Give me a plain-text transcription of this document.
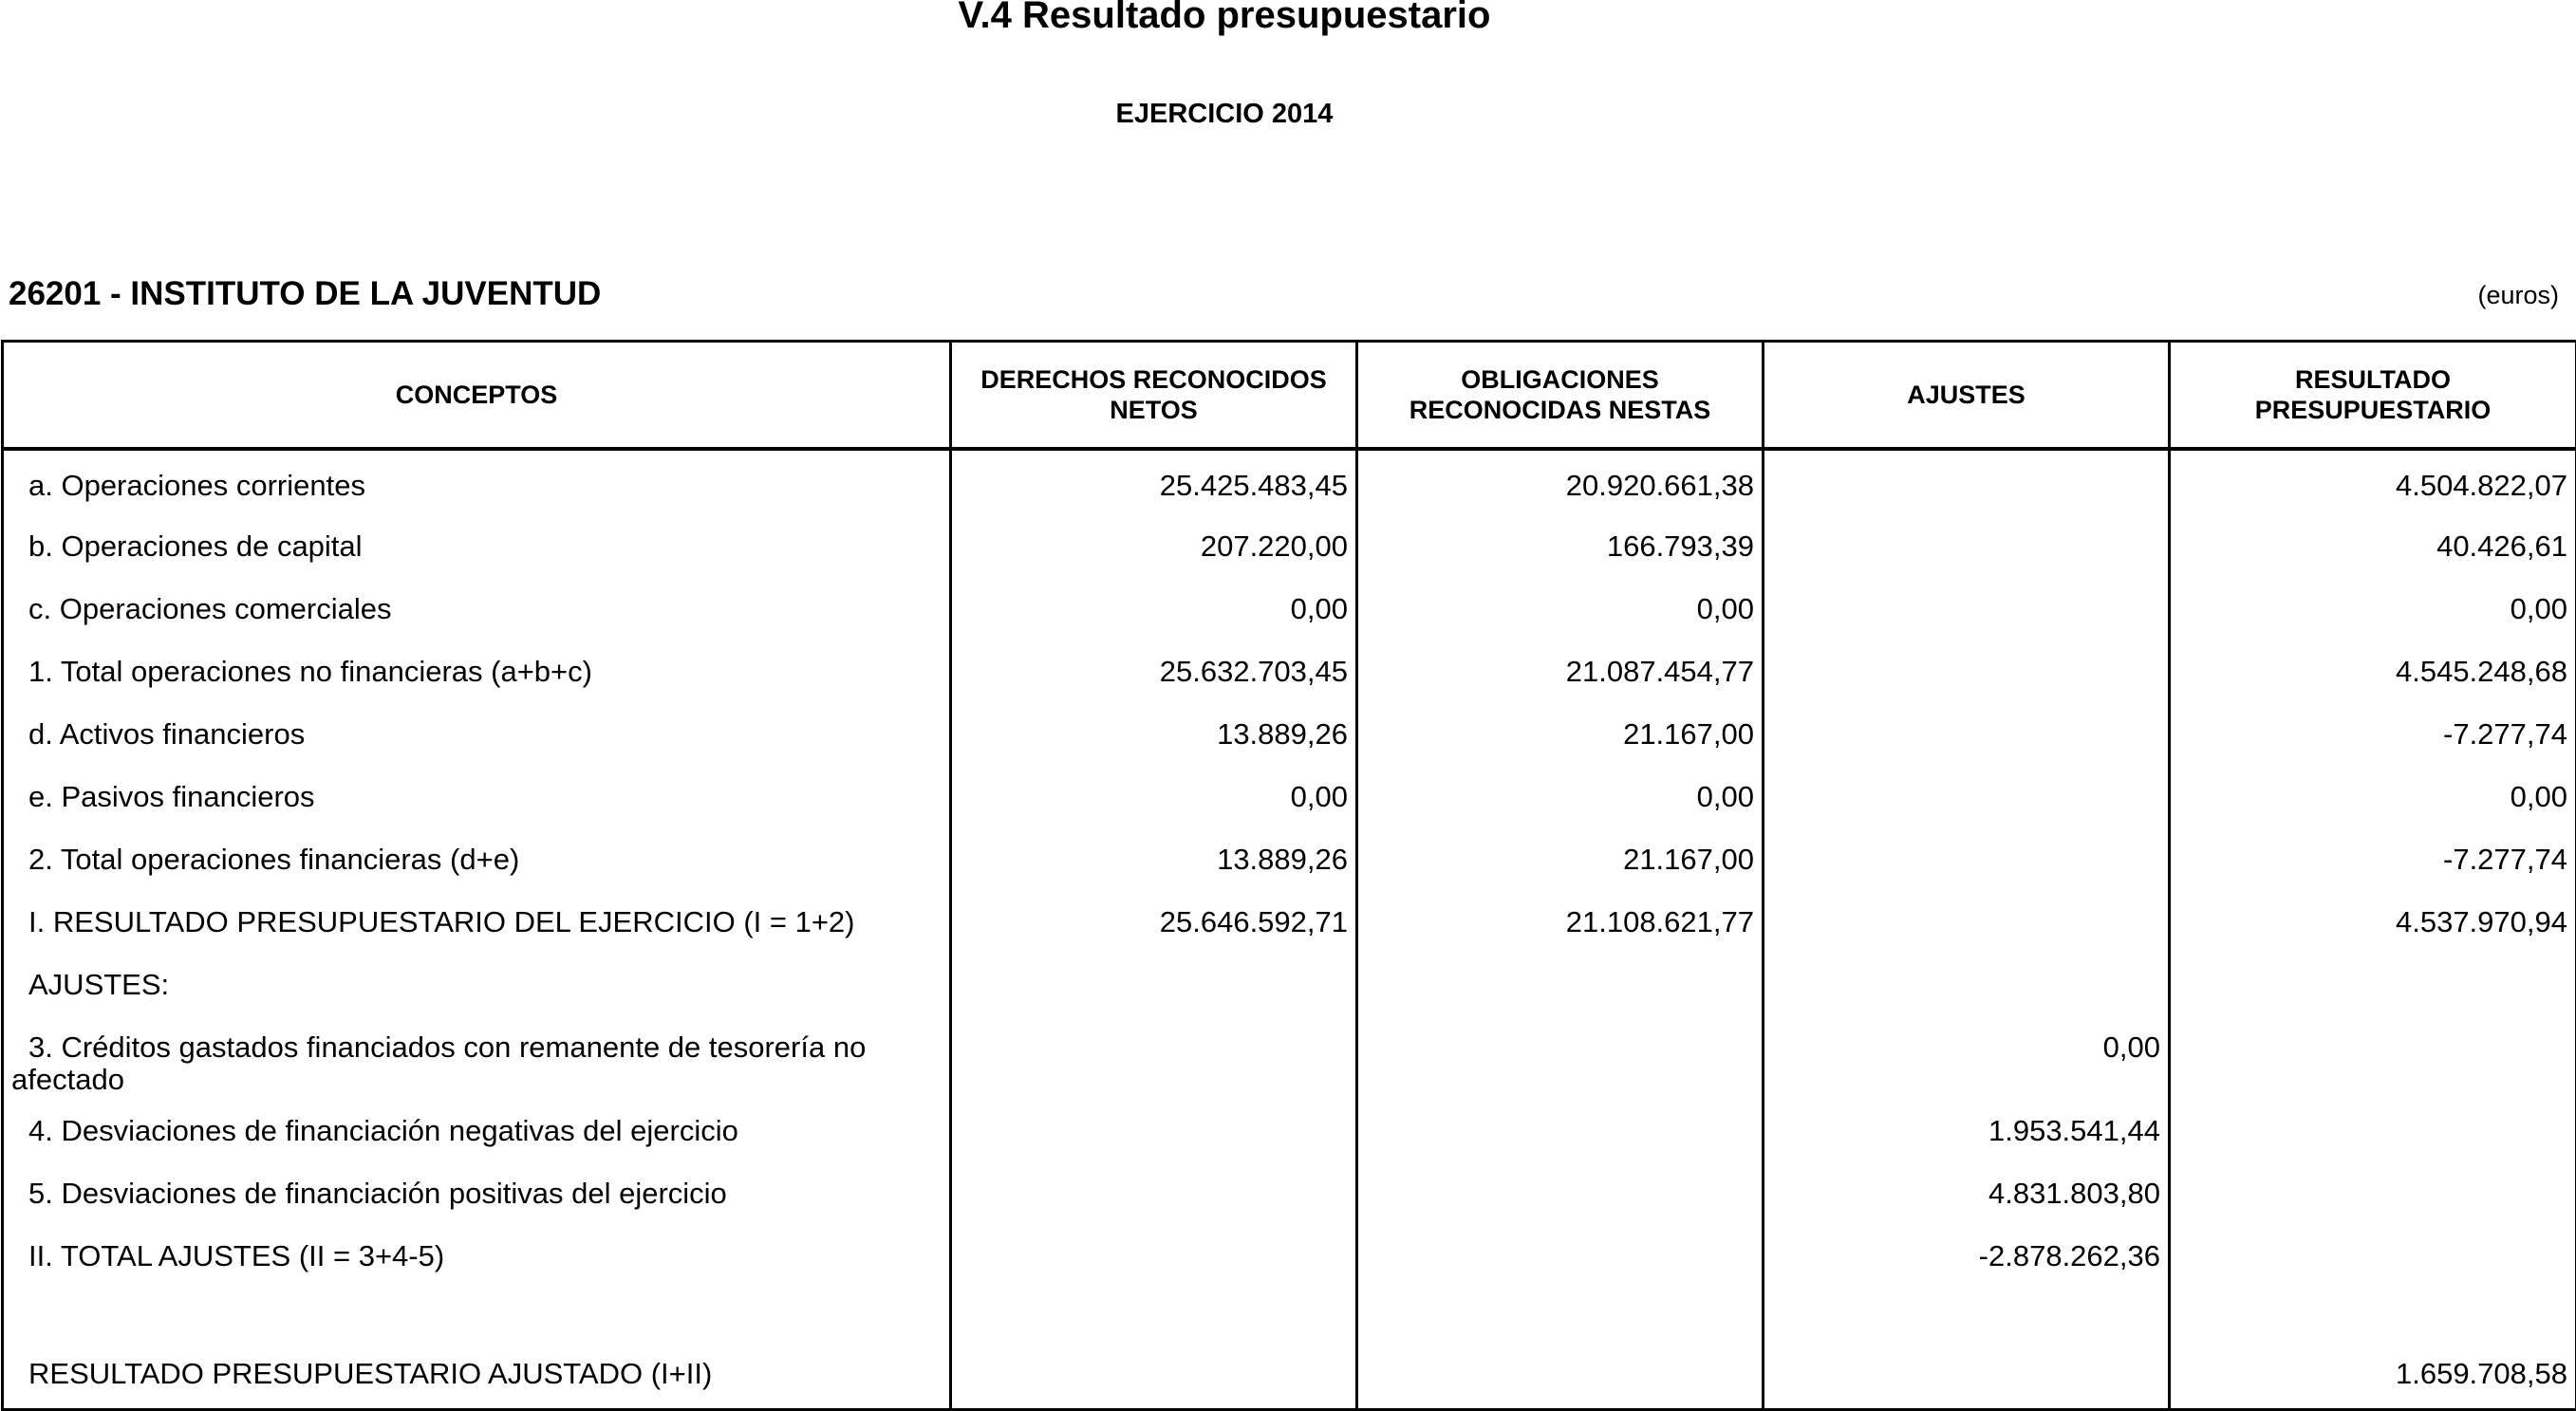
V.4 Resultado presupuestario
EJERCICIO 2014
26201 - INSTITUTO DE LA JUVENTUD	(euros)
CONCEPTOS	DERECHOS RECONOCIDOS NETOS	OBLIGACIONES RECONOCIDAS NESTAS	AJUSTES	RESULTADO PRESUPUESTARIO
a. Operaciones corrientes	25.425.483,45	20.920.661,38		4.504.822,07
b. Operaciones de capital	207.220,00	166.793,39		40.426,61
c. Operaciones comerciales	0,00	0,00		0,00
1. Total operaciones no financieras (a+b+c)	25.632.703,45	21.087.454,77		4.545.248,68
d. Activos financieros	13.889,26	21.167,00		-7.277,74
e. Pasivos financieros	0,00	0,00		0,00
2. Total operaciones financieras (d+e)	13.889,26	21.167,00		-7.277,74
I. RESULTADO PRESUPUESTARIO DEL EJERCICIO (I = 1+2)	25.646.592,71	21.108.621,77		4.537.970,94
AJUSTES:				

3. Créditos gastados financiados con remanente de tesorería no afectado			0,00	
4. Desviaciones de financiación negativas del ejercicio			1.953.541,44	
5. Desviaciones de financiación positivas del ejercicio			4.831.803,80	
II. TOTAL AJUSTES (II = 3+4-5)			-2.878.262,36	

RESULTADO PRESUPUESTARIO AJUSTADO (I+II)				1.659.708,58
